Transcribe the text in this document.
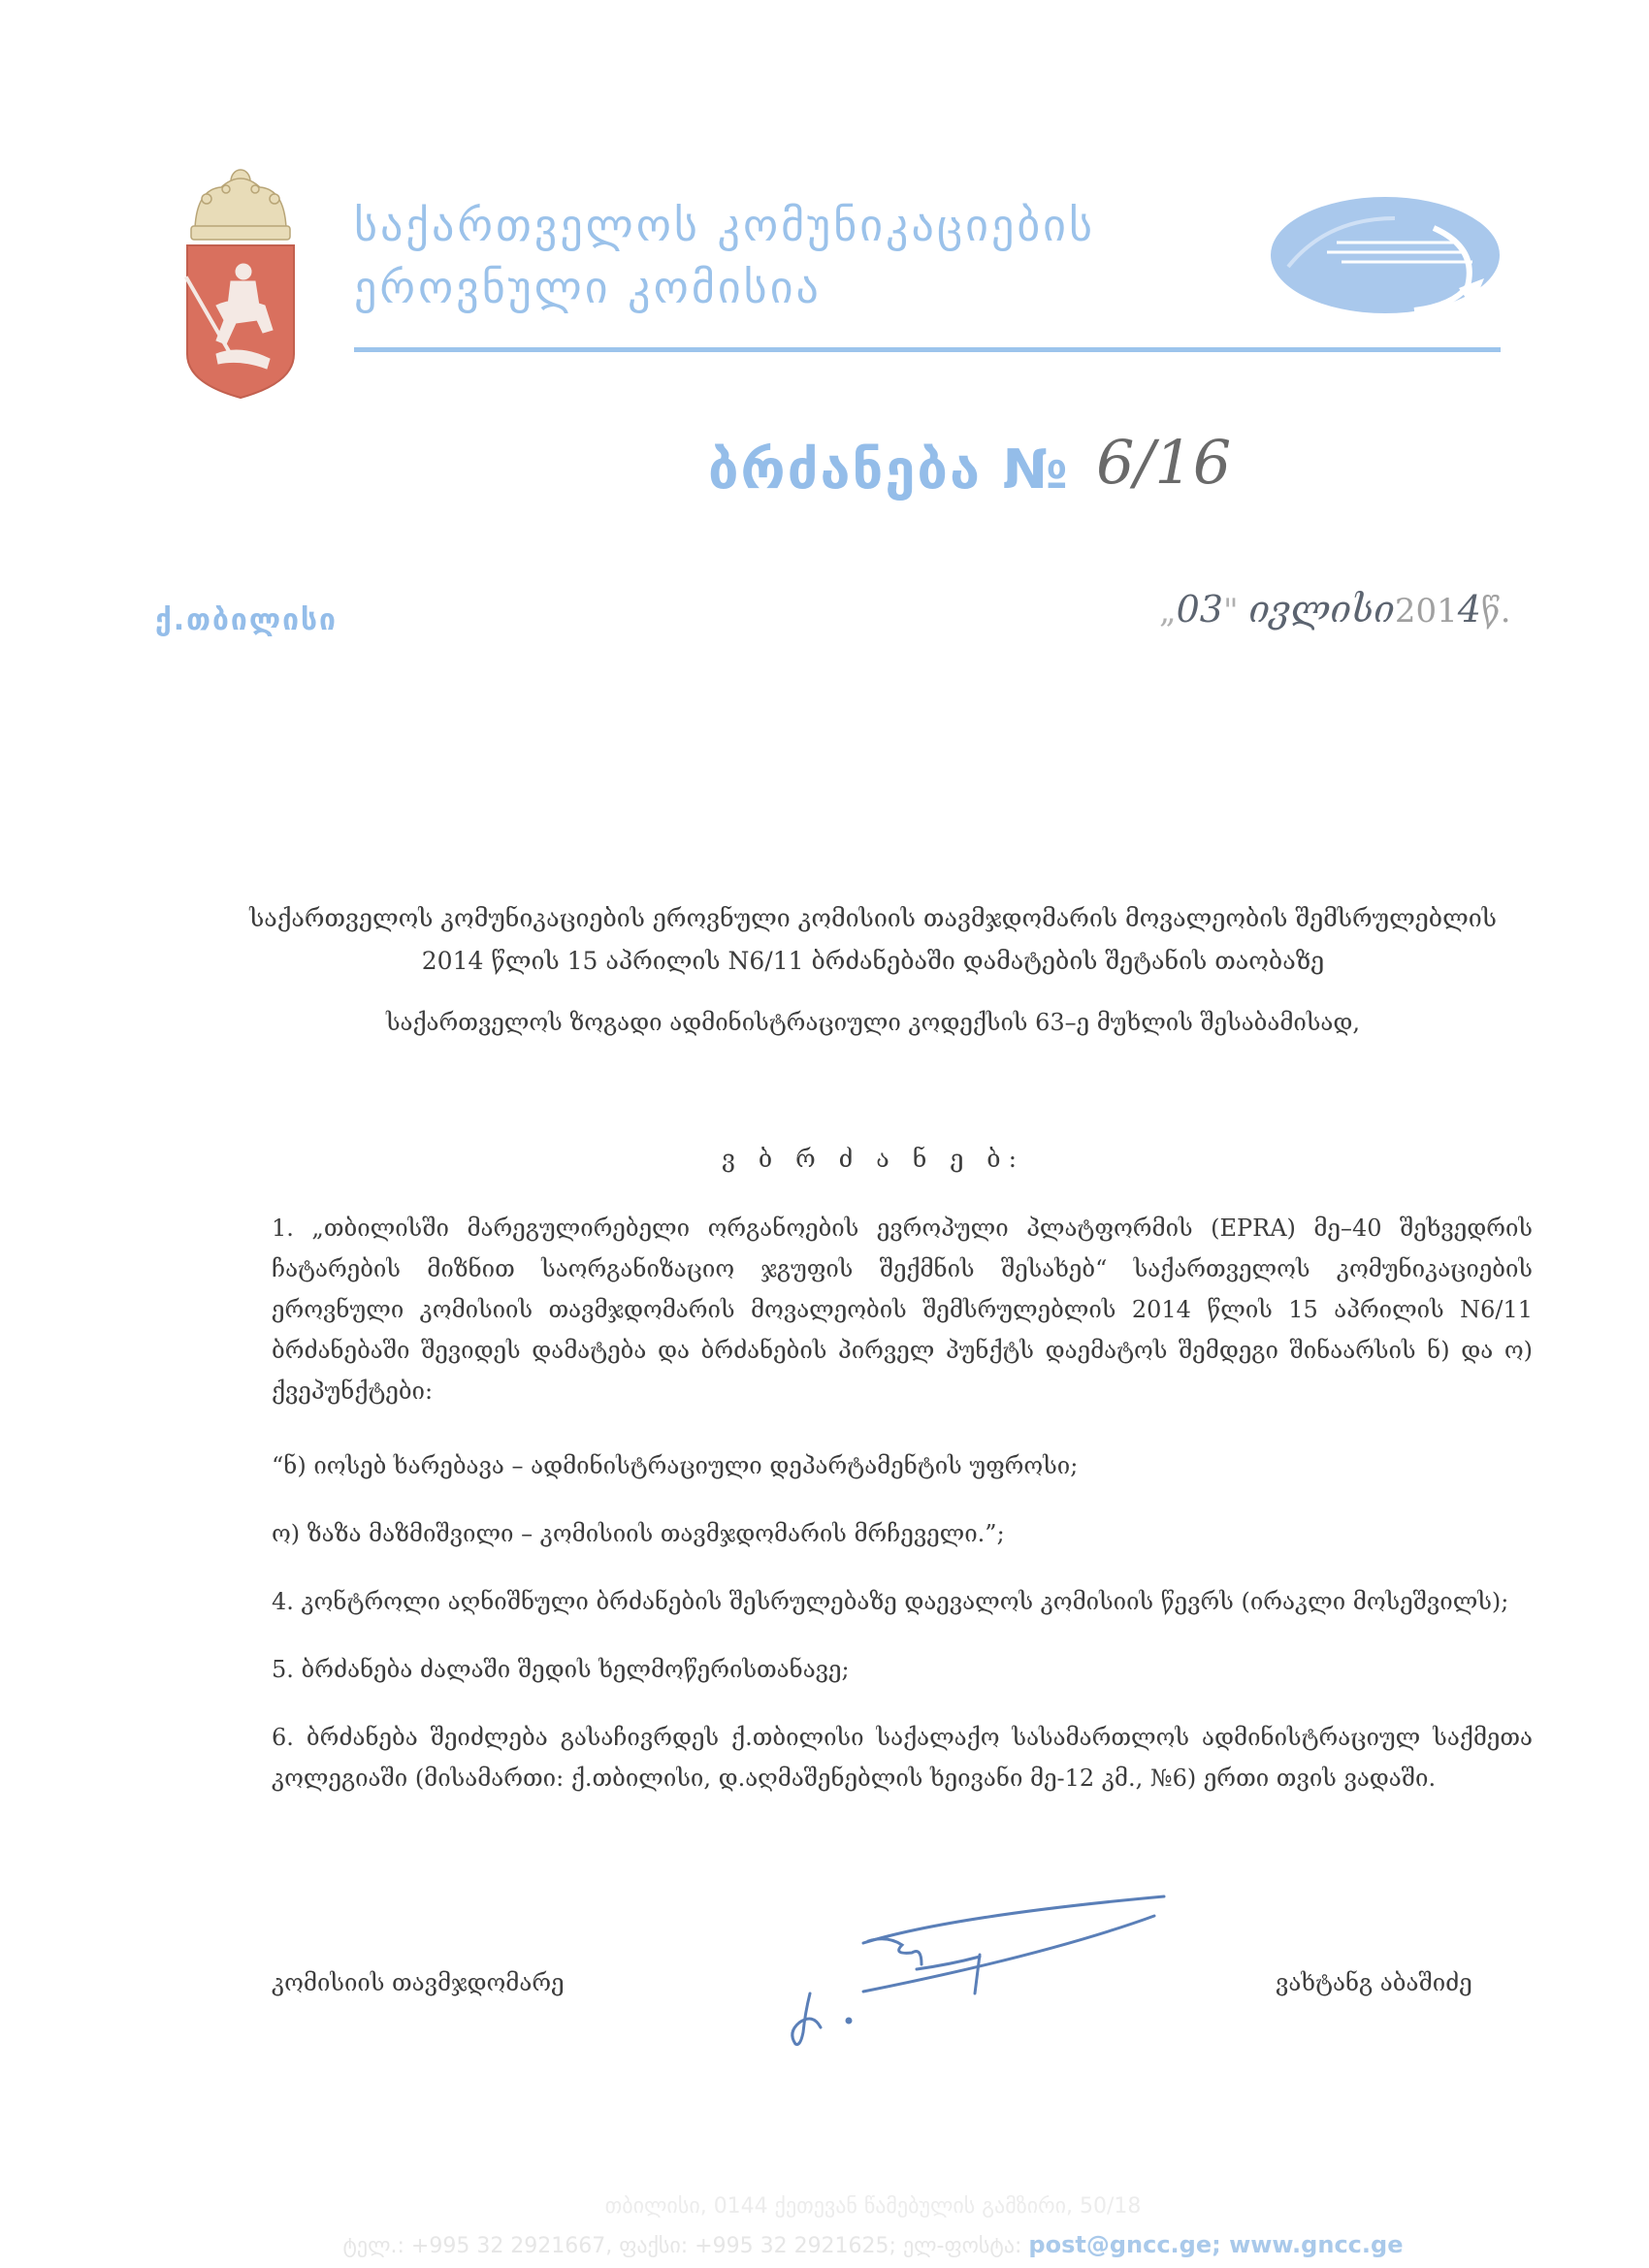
საქართველოს კომუნიკაციების
ეროვნული კომისია
ბრძანება № 6/16
ქ.თბილისი	„03" ივლისი2014წ.
საქართველოს კომუნიკაციების ეროვნული კომისიის თავმჯდომარის მოვალეობის შემსრულებლის
2014 წლის 15 აპრილის N6/11 ბრძანებაში დამატების შეტანის თაობაზე
საქართველოს ზოგადი ადმინისტრაციული კოდექსის 63–ე მუხლის შესაბამისად,
ვ ბ რ ძ ა ნ ე ბ:
1. „თბილისში მარეგულირებელი ორგანოების ევროპული პლატფორმის (EPRA) მე–40 შეხვედრის ჩატარების მიზნით საორგანიზაციო ჯგუფის შექმნის შესახებ“ საქართველოს კომუნიკაციების ეროვნული კომისიის თავმჯდომარის მოვალეობის შემსრულებლის 2014 წლის 15 აპრილის N6/11 ბრძანებაში შევიდეს დამატება და ბრძანების პირველ პუნქტს დაემატოს შემდეგი შინაარსის ნ) და ო) ქვეპუნქტები:
“ნ) იოსებ ხარებავა – ადმინისტრაციული დეპარტამენტის უფროსი;
ო) ზაზა მაზმიშვილი – კომისიის თავმჯდომარის მრჩეველი.”;
4. კონტროლი აღნიშნული ბრძანების შესრულებაზე დაევალოს კომისიის წევრს (ირაკლი მოსეშვილს);
5. ბრძანება ძალაში შედის ხელმოწერისთანავე;
6. ბრძანება შეიძლება გასაჩივრდეს ქ.თბილისი საქალაქო სასამართლოს ადმინისტრაციულ საქმეთა კოლეგიაში (მისამართი: ქ.თბილისი, დ.აღმაშენებლის ხეივანი მე-12 კმ., №6) ერთი თვის ვადაში.
კომისიის თავმჯდომარე	ვახტანგ აბაშიძე
თბილისი, 0144 ქეთევან წამებულის გამზირი, 50/18
ტელ.: +995 32 2921667, ფაქსი: +995 32 2921625; ელ-ფოსტა: post@gncc.ge; www.gncc.ge
